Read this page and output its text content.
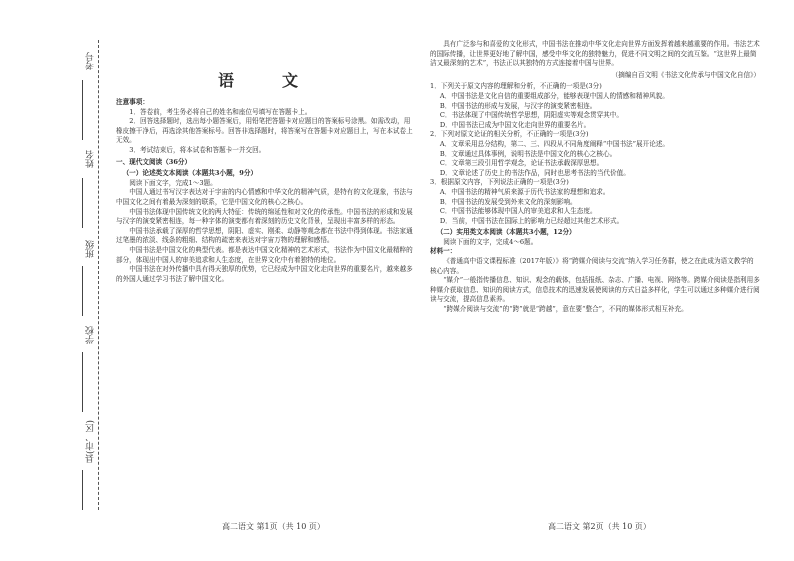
考号
姓名
班级
学校
县(市、区)
语　文

注意事项：

1．答卷前，考生务必将自己的姓名和座位号填写在答题卡上。

2．回答选择题时，选出每小题答案后，用铅笔把答题卡对应题目的答案标号涂黑。如需改动，用橡皮擦干净后，再选涂其他答案标号。回答非选择题时，将答案写在答题卡对应题目上，写在本试卷上无效。

3．考试结束后，将本试卷和答题卡一并交回。

一、现代文阅读（36分）

（一）论述类文本阅读（本题共3小题，9分）

阅读下面文字，完成1～3题。

中国人通过书写汉字表达对于宇宙的内心情感和中华文化的精神气质，是特有的文化现象，书法与中国文化之间有着最为深刻的联系，它是中国文化的核心之核心。

中国书法体现中国传统文化的两大特征：传统的绵延性和对文化的传承性。中国书法的形成和发展与汉字的演变紧密相连，每一种字体的演变都有着深刻的历史文化背景，呈现出丰富多样的形态。

中国书法承载了深厚的哲学思想，阴阳、虚实、刚柔、动静等观念都在书法中得到体现。书法家通过笔墨的浓淡、线条的粗细、结构的疏密来表达对宇宙万物的理解和感悟。

中国书法是中国文化的典型代表。都是表达中国文化精神的艺术形式，书法作为中国文化最精粹的部分，体现出中国人的审美追求和人生态度，在世界文化中有着独特的地位。

中国书法在对外传播中具有得天独厚的优势，它已经成为中国文化走向世界的重要名片，越来越多的外国人通过学习书法了解中国文化。

具有广泛参与和喜爱的文化形式，中国书法在推动中华文化走向世界方面发挥着越来越重要的作用。书法艺术的国际传播，让世界更好地了解中国，感受中华文化的独特魅力，促进不同文明之间的交流互鉴。“这世界上最简洁又最深刻的艺术”，书法正以其独特的方式连接着中国与世界。

（摘编自百文明《书法文化传承与中国文化自信》）

1．下列关于原文内容的理解和分析，不正确的一项是(3分)

A．中国书法是文化自信的重要组成部分，能够表现中国人的情感和精神风貌。

B．中国书法的形成与发展，与汉字的演变紧密相连。

C．书法体现了中国传统哲学思想，阴阳虚实等观念贯穿其中。

D．中国书法已成为中国文化走向世界的重要名片。

2．下列对原文论证的相关分析，不正确的一项是(3分)

A．文章采用总分结构，第二、三、四段从不同角度阐释“中国书法”展开论述。

B．文章通过具体事例，说明书法是中国文化的核心之核心。

C．文章第三段引用哲学观念，论证书法承载深厚思想。

D．文章论述了历史上的书法作品，同时也思考书法的当代价值。

3．根据原文内容，下列说法正确的一项是(3分)

A．中国书法的精神气质来源于历代书法家的理想和追求。

B．中国书法的发展受到外来文化的深刻影响。

C．中国书法能够体现中国人的审美追求和人生态度。

D．当前，中国书法在国际上的影响力已经超过其他艺术形式。

（二）实用类文本阅读（本题共3小题，12分）

阅读下面的文字，完成4～6题。

材料一：

《普通高中语文课程标准（2017年版）》将“跨媒介阅读与交流”纳入学习任务群，使之在此成为语文教学的核心内容。

“媒介”一般指传播信息、知识、观念的载体，包括报纸、杂志、广播、电视、网络等。跨媒介阅读是指利用多种媒介获取信息、知识的阅读方式，信息技术的迅速发展使阅读的方式日益多样化，学生可以通过多种媒介进行阅读与交流，提高信息素养。

“跨媒介阅读与交流”的“跨”就是“跨越”，意在要“整合”，不同的媒体形式相互补充。

高二语文 第1页（共 10 页）	高二语文 第2页（共 10 页）
